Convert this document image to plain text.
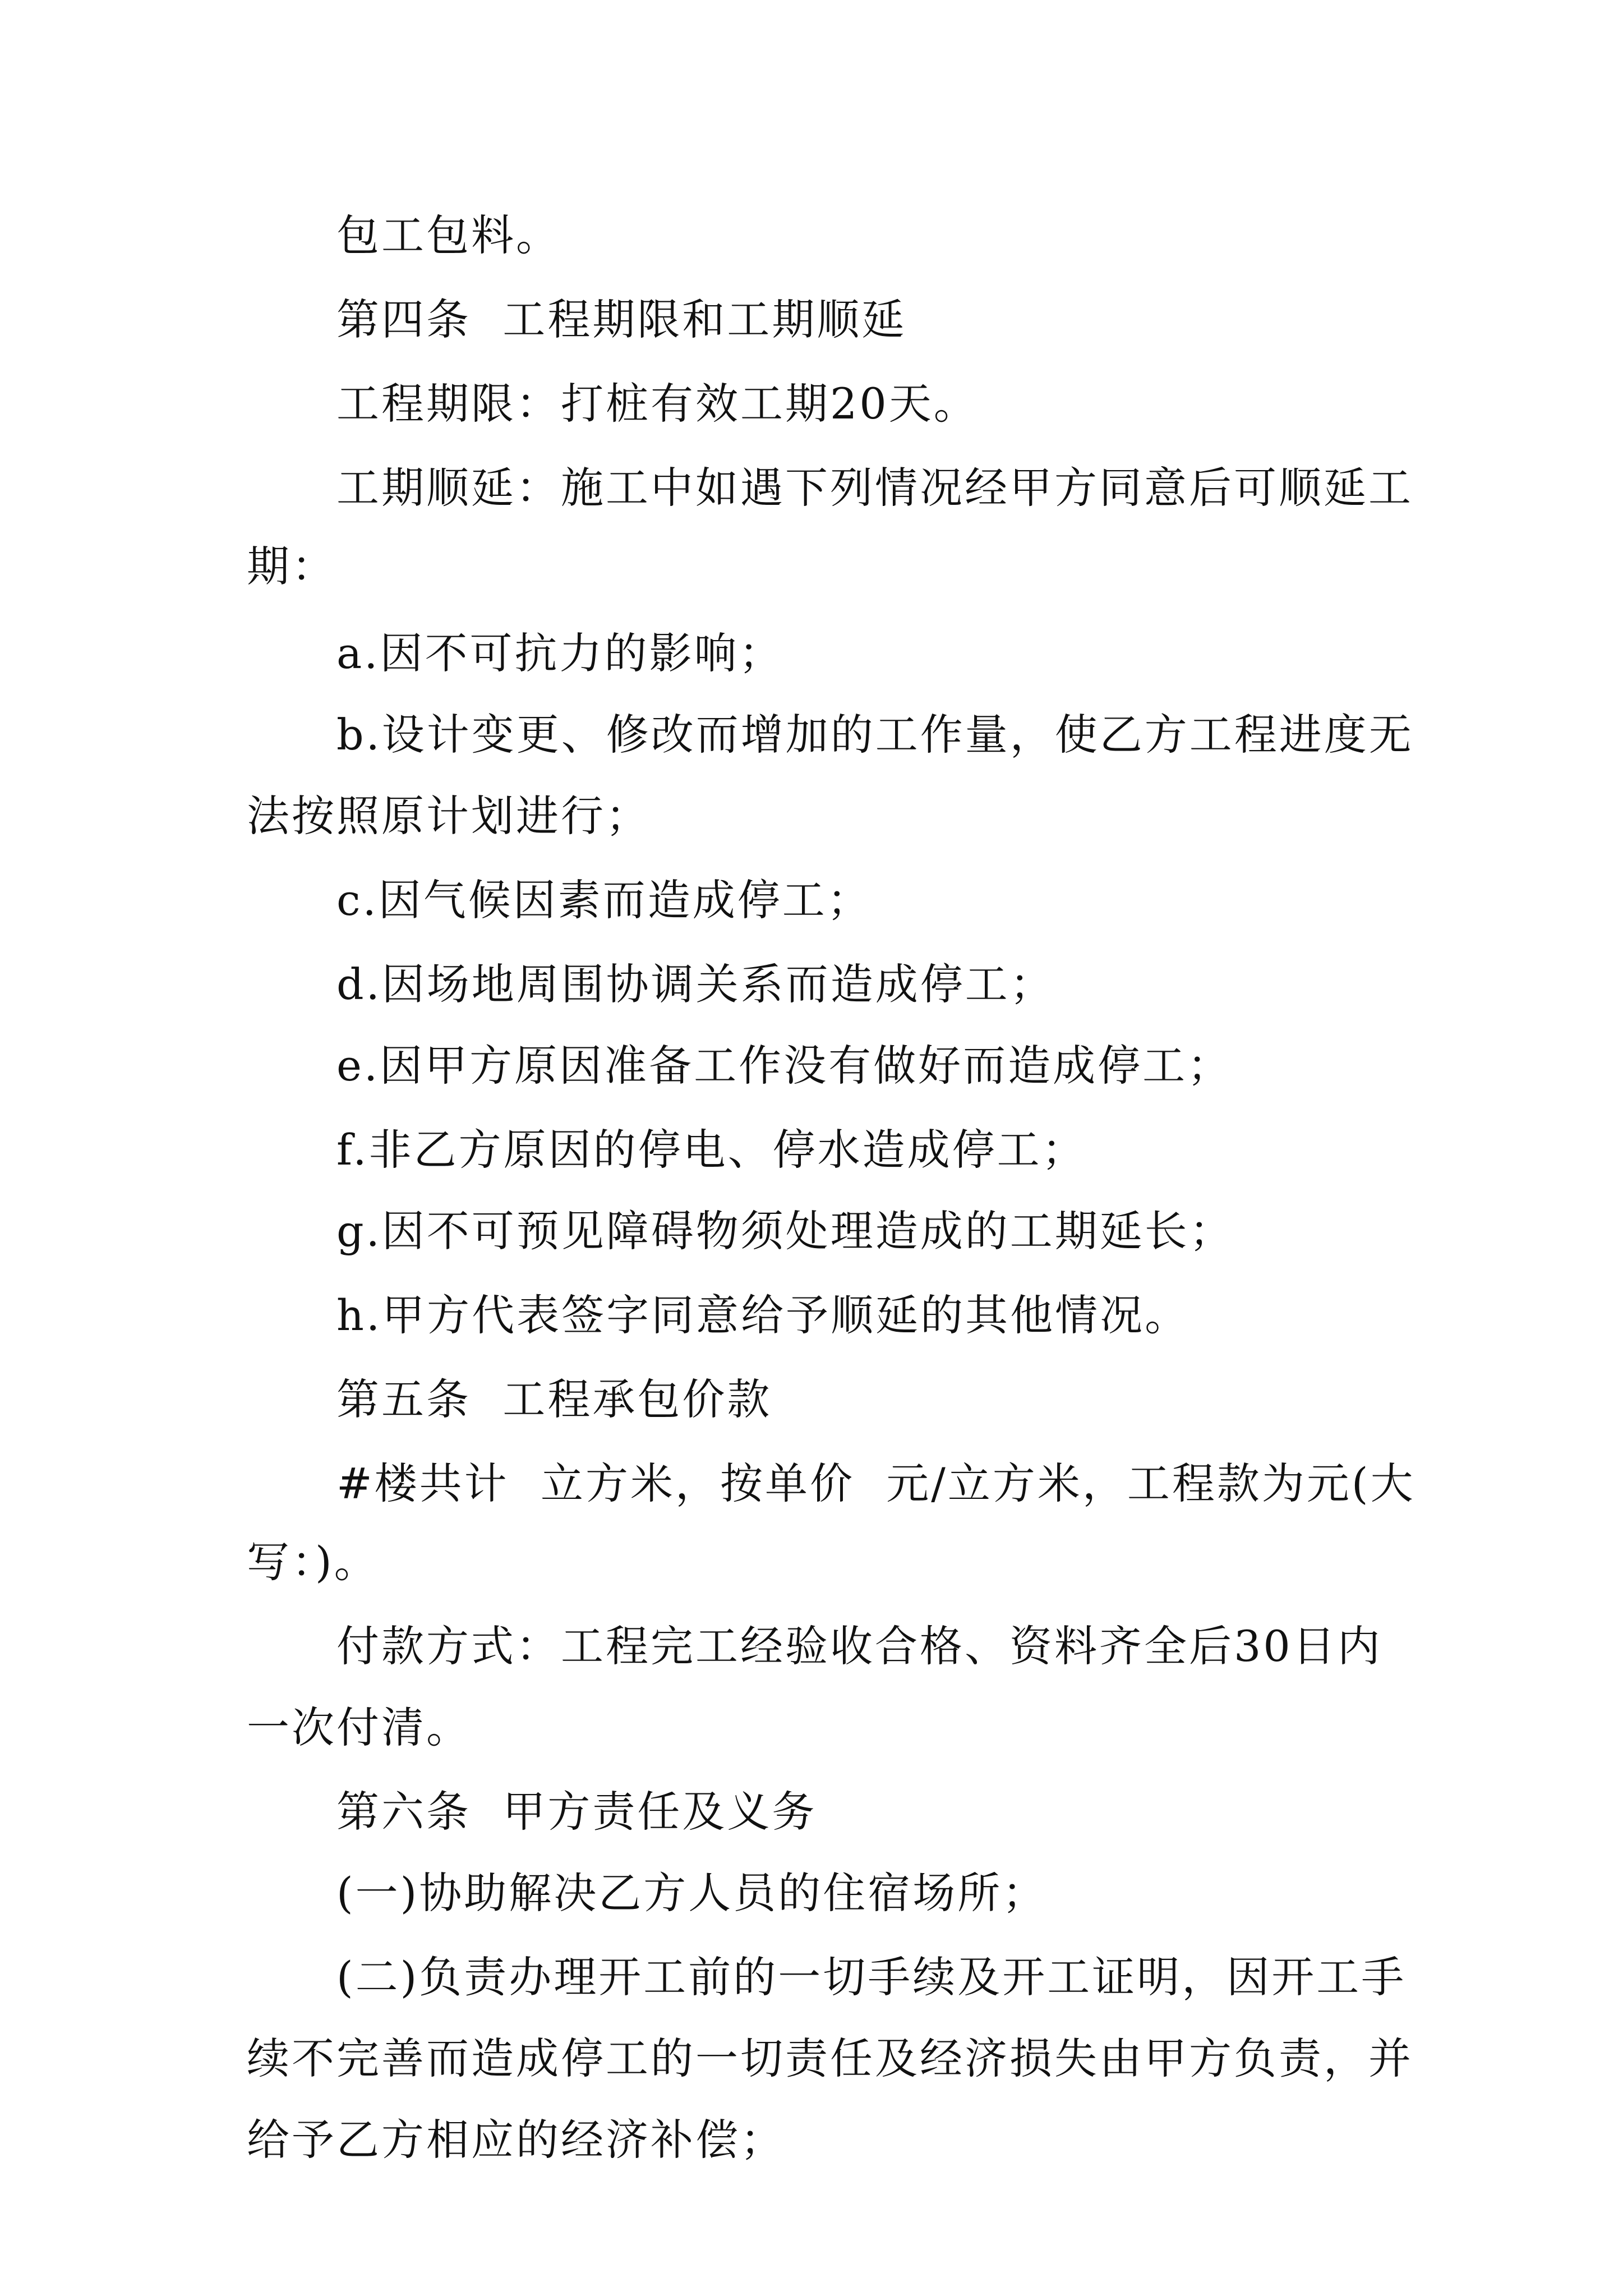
包工包料。
第四条  工程期限和工期顺延
工程期限：打桩有效工期20天。
工期顺延：施工中如遇下列情况经甲方同意后可顺延工
期：
a.因不可抗力的影响；
b.设计变更、修改而增加的工作量，使乙方工程进度无
法按照原计划进行；
c.因气候因素而造成停工；
d.因场地周围协调关系而造成停工；
e.因甲方原因准备工作没有做好而造成停工；
f.非乙方原因的停电、停水造成停工；
g.因不可预见障碍物须处理造成的工期延长；
h.甲方代表签字同意给予顺延的其他情况。
第五条  工程承包价款
#楼共计  立方米，按单价  元/立方米，工程款为元(大
写：)。
付款方式：工程完工经验收合格、资料齐全后30日内
一次付清。
第六条  甲方责任及义务
(一)协助解决乙方人员的住宿场所；
(二)负责办理开工前的一切手续及开工证明，因开工手
续不完善而造成停工的一切责任及经济损失由甲方负责，并
给予乙方相应的经济补偿；
